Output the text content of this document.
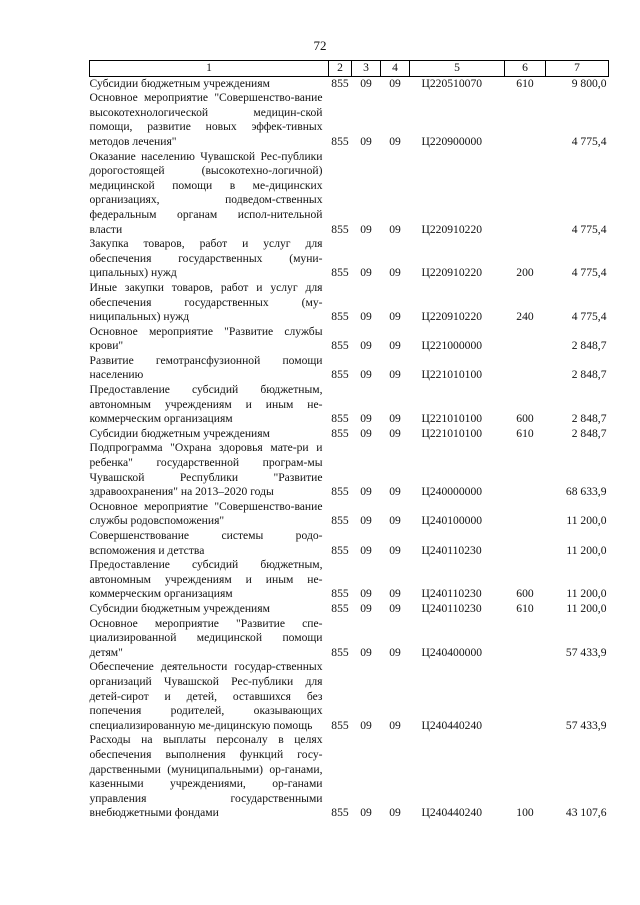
72
1	2	3	4	5	6	7
Субсидии бюджетным учреждениям	855	09	09	Ц220510070	610	9 800,0
Основное мероприятие "Совершенство-вание высокотехнологической медицин-ской помощи, развитие новых эффек-тивных методов лечения"	855	09	09	Ц220900000		4 775,4
Оказание населению Чувашской Рес-публики дорогостоящей (высокотехно-логичной) медицинской помощи в ме-дицинских организациях, подведом-ственных федеральным органам испол-нительной власти	855	09	09	Ц220910220		4 775,4
Закупка товаров, работ и услуг для обеспечения государственных (муни-ципальных) нужд	855	09	09	Ц220910220	200	4 775,4
Иные закупки товаров, работ и услуг для обеспечения государственных (му-ниципальных) нужд	855	09	09	Ц220910220	240	4 775,4
Основное мероприятие "Развитие службы крови"	855	09	09	Ц221000000		2 848,7
Развитие гемотрансфузионной помощи населению	855	09	09	Ц221010100		2 848,7
Предоставление субсидий бюджетным, автономным учреждениям и иным не-коммерческим организациям	855	09	09	Ц221010100	600	2 848,7
Субсидии бюджетным учреждениям	855	09	09	Ц221010100	610	2 848,7
Подпрограмма "Охрана здоровья мате-ри и ребенка" государственной програм-мы Чувашской Республики "Развитие здравоохранения" на 2013–2020 годы	855	09	09	Ц240000000		68 633,9
Основное мероприятие "Совершенство-вание службы родовспоможения"	855	09	09	Ц240100000		11 200,0
Совершенствование системы родо-вспоможения и детства	855	09	09	Ц240110230		11 200,0
Предоставление субсидий бюджетным, автономным учреждениям и иным не-коммерческим организациям	855	09	09	Ц240110230	600	11 200,0
Субсидии бюджетным учреждениям	855	09	09	Ц240110230	610	11 200,0
Основное мероприятие "Развитие спе-циализированной медицинской помощи детям"	855	09	09	Ц240400000		57 433,9
Обеспечение деятельности государ-ственных организаций Чувашской Рес-публики для детей-сирот и детей, оставшихся без попечения родителей, оказывающих специализированную ме-дицинскую помощь	855	09	09	Ц240440240		57 433,9
Расходы на выплаты персоналу в целях обеспечения выполнения функций госу-дарственными (муниципальными) ор-ганами, казенными учреждениями, ор-ганами управления государственными внебюджетными фондами	855	09	09	Ц240440240	100	43 107,6
